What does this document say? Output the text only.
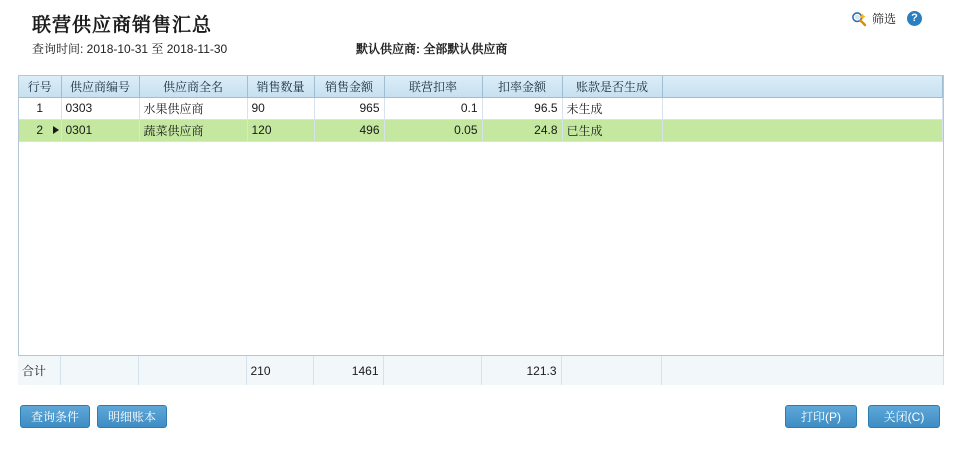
联营供应商销售汇总
查询时间: 2018-10-31 至 2018-11-30	默认供应商: 全部默认供应商
筛选	?
行号	供应商编号	供应商全名	销售数量	销售金额	联营扣率	扣率金额	账款是否生成	
1	0303	水果供应商	90	965	0.1	96.5	未生成	
2	0301	蔬菜供应商	120	496	0.05	24.8	已生成	
合计			210	1461		121.3		
查询条件	明细账本	打印(P)	关闭(C)
